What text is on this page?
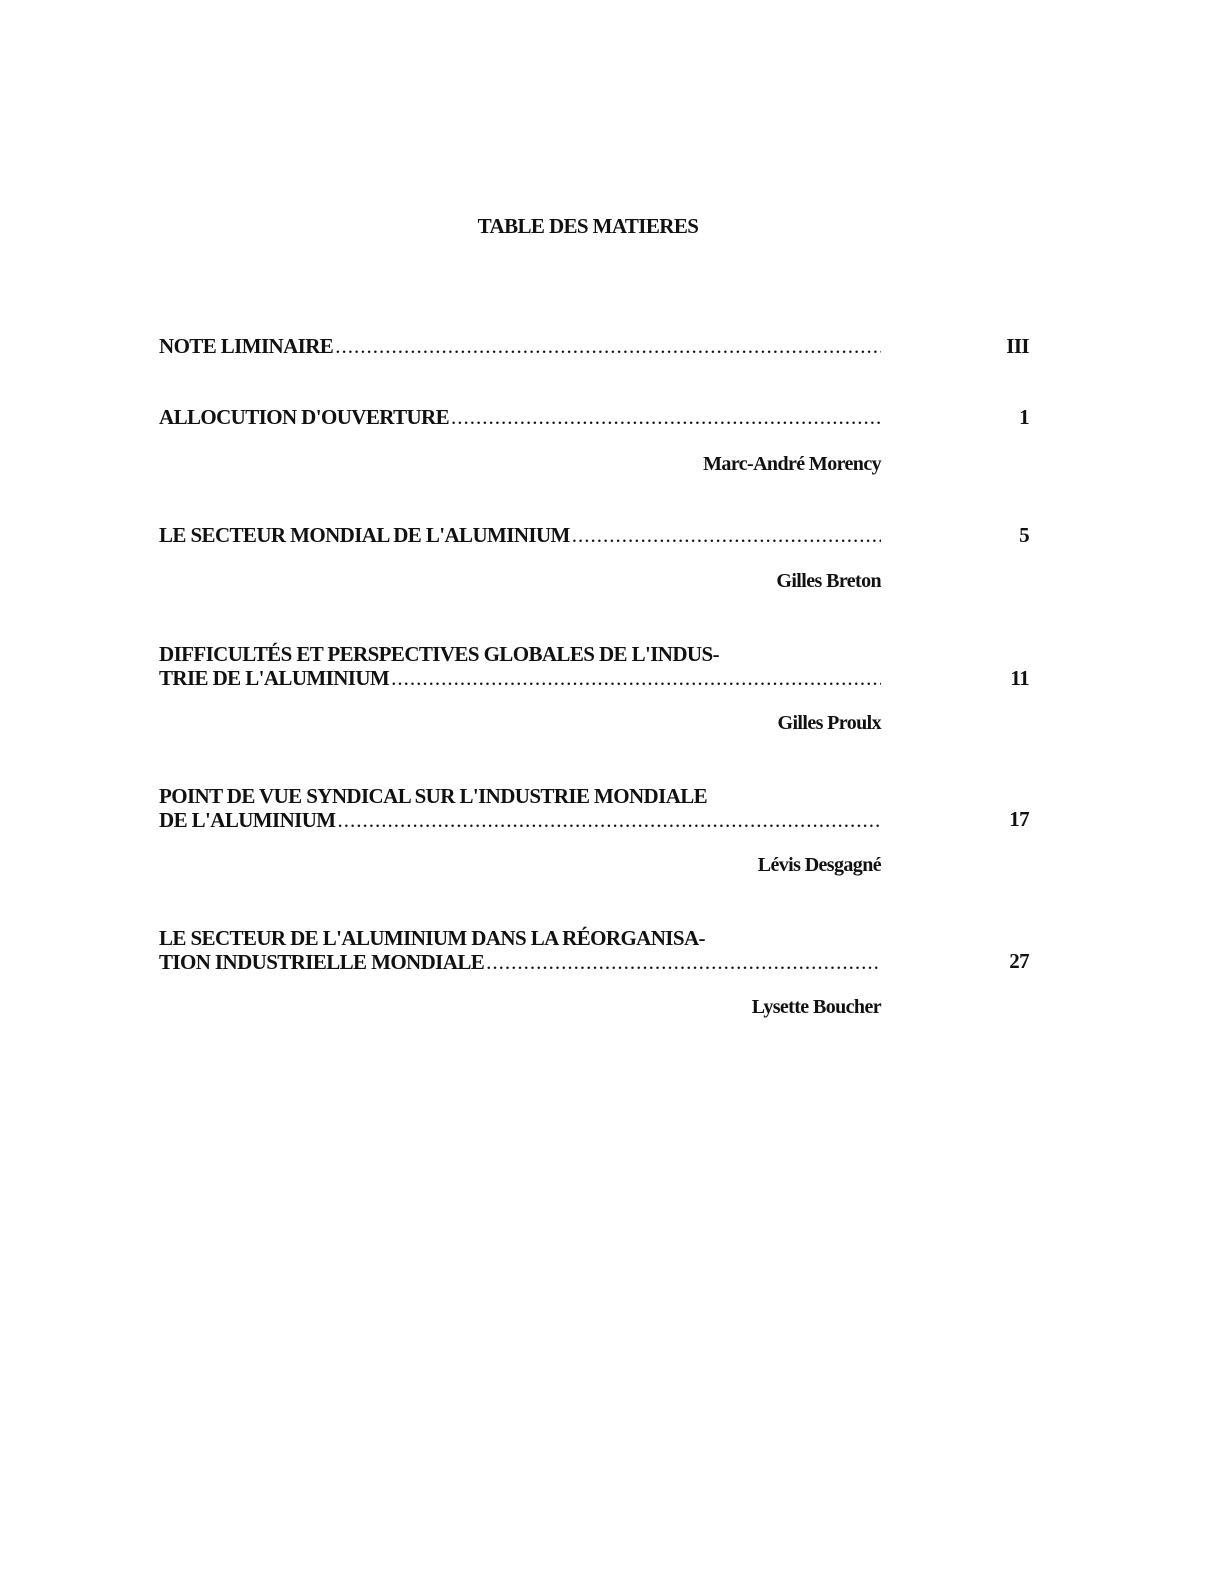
TABLE DES MATIERES
NOTE LIMINAIRE .....	III
ALLOCUTION D'OUVERTURE .....	1
Marc-André Morency
LE SECTEUR MONDIAL DE L'ALUMINIUM .....	5
Gilles Breton
DIFFICULTÉS ET PERSPECTIVES GLOBALES DE L'INDUS-
TRIE DE L'ALUMINIUM .....	11
Gilles Proulx
POINT DE VUE SYNDICAL SUR L'INDUSTRIE MONDIALE
DE L'ALUMINIUM .....	17
Lévis Desgagné
LE SECTEUR DE L'ALUMINIUM DANS LA RÉORGANISA-
TION INDUSTRIELLE MONDIALE .....	27
Lysette Boucher
